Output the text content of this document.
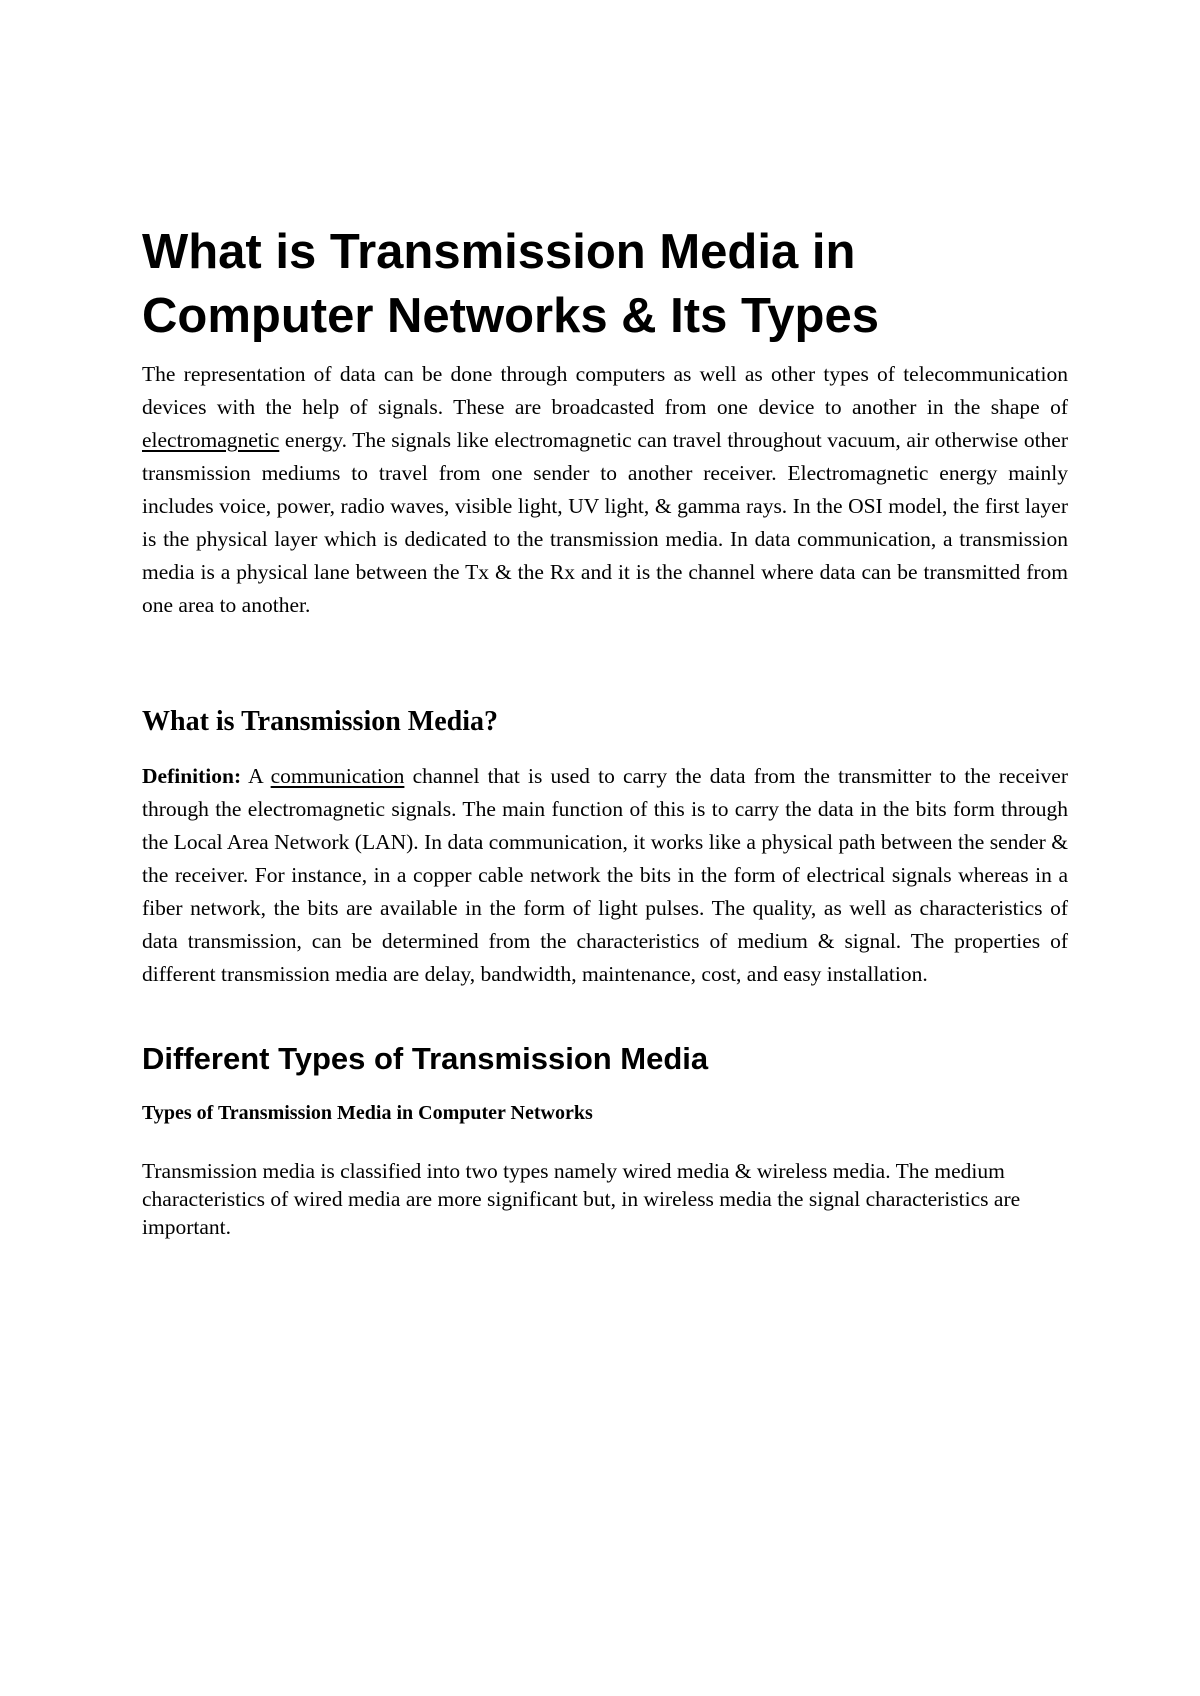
What is Transmission Media in Computer Networks & Its Types

The representation of data can be done through computers as well as other types of telecommunication devices with the help of signals. These are broadcasted from one device to another in the shape of electromagnetic energy. The signals like electromagnetic can travel throughout vacuum, air otherwise other transmission mediums to travel from one sender to another receiver. Electromagnetic energy mainly includes voice, power, radio waves, visible light, UV light, & gamma rays. In the OSI model, the first layer is the physical layer which is dedicated to the transmission media. In data communication, a transmission media is a physical lane between the Tx & the Rx and it is the channel where data can be transmitted from one area to another.

What is Transmission Media?

Definition: A communication channel that is used to carry the data from the transmitter to the receiver through the electromagnetic signals. The main function of this is to carry the data in the bits form through the Local Area Network (LAN). In data communication, it works like a physical path between the sender & the receiver. For instance, in a copper cable network the bits in the form of electrical signals whereas in a fiber network, the bits are available in the form of light pulses. The quality, as well as characteristics of data transmission, can be determined from the characteristics of medium & signal. The properties of different transmission media are delay, bandwidth, maintenance, cost, and easy installation.

Different Types of Transmission Media
Types of Transmission Media in Computer Networks

Transmission media is classified into two types namely wired media & wireless media. The medium characteristics of wired media are more significant but, in wireless media the signal characteristics are important.
